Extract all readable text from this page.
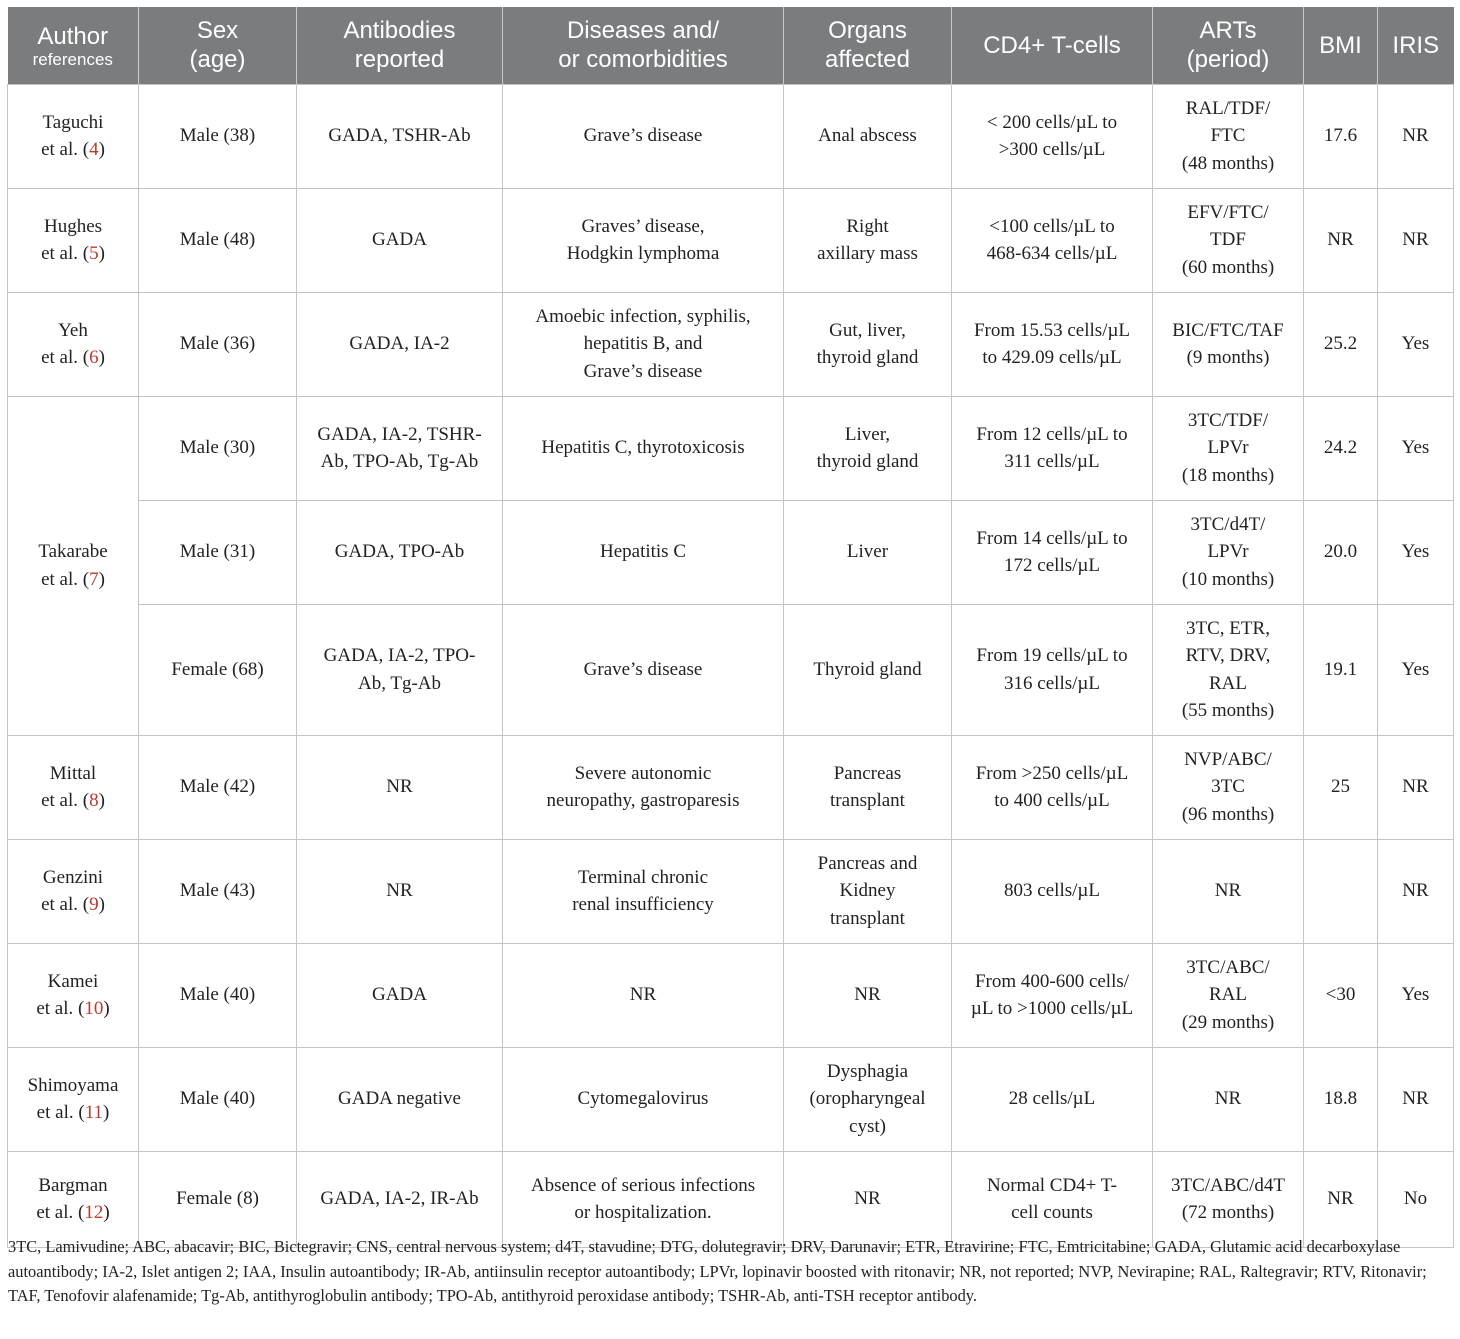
Author
references	Sex
(age)	Antibodies
reported	Diseases and/
or comorbidities	Organs
affected	CD4+ T-cells	ARTs
(period)	BMI	IRIS

Taguchi
et al. (4)	Male (38)	GADA, TSHR-Ab	Grave’s disease	Anal abscess	< 200 cells/µL to
>300 cells/µL	RAL/TDF/
FTC
(48 months)	17.6	NR

Hughes
et al. (5)	Male (48)	GADA	Graves’ disease,
Hodgkin lymphoma	Right
axillary mass	<100 cells/µL to
468-634 cells/µL	EFV/FTC/
TDF
(60 months)	NR	NR

Yeh
et al. (6)	Male (36)	GADA, IA-2	Amoebic infection, syphilis,
hepatitis B, and
Grave’s disease	Gut, liver,
thyroid gland	From 15.53 cells/µL
to 429.09 cells/µL	BIC/FTC/TAF
(9 months)	25.2	Yes

Takarabe
et al. (7)	Male (30)	GADA, IA-2, TSHR-
Ab, TPO-Ab, Tg-Ab	Hepatitis C, thyrotoxicosis	Liver,
thyroid gland	From 12 cells/µL to
311 cells/µL	3TC/TDF/
LPVr
(18 months)	24.2	Yes

	Male (31)	GADA, TPO-Ab	Hepatitis C	Liver	From 14 cells/µL to
172 cells/µL	3TC/d4T/
LPVr
(10 months)	20.0	Yes

	Female (68)	GADA, IA-2, TPO-
Ab, Tg-Ab	Grave’s disease	Thyroid gland	From 19 cells/µL to
316 cells/µL	3TC, ETR,
RTV, DRV,
RAL
(55 months)	19.1	Yes

Mittal
et al. (8)	Male (42)	NR	Severe autonomic
neuropathy, gastroparesis	Pancreas
transplant	From >250 cells/µL
to 400 cells/µL	NVP/ABC/
3TC
(96 months)	25	NR

Genzini
et al. (9)	Male (43)	NR	Terminal chronic
renal insufficiency	Pancreas and
Kidney
transplant	803 cells/µL	NR		NR

Kamei
et al. (10)	Male (40)	GADA	NR	NR	From 400-600 cells/
µL to >1000 cells/µL	3TC/ABC/
RAL
(29 months)	<30	Yes

Shimoyama
et al. (11)	Male (40)	GADA negative	Cytomegalovirus	Dysphagia
(oropharyngeal
cyst)	28 cells/µL	NR	18.8	NR

Bargman
et al. (12)	Female (8)	GADA, IA-2, IR-Ab	Absence of serious infections
or hospitalization.	NR	Normal CD4+ T-
cell counts	3TC/ABC/d4T
(72 months)	NR	No
3TC, Lamivudine; ABC, abacavir; BIC, Bictegravir; CNS, central nervous system; d4T, stavudine; DTG, dolutegravir; DRV, Darunavir; ETR, Etravirine; FTC, Emtricitabine; GADA, Glutamic acid decarboxylase autoantibody; IA-2, Islet antigen 2; IAA, Insulin autoantibody; IR-Ab, antiinsulin receptor autoantibody; LPVr, lopinavir boosted with ritonavir; NR, not reported; NVP, Nevirapine; RAL, Raltegravir; RTV, Ritonavir; TAF, Tenofovir alafenamide; Tg-Ab, antithyroglobulin antibody; TPO-Ab, antithyroid peroxidase antibody; TSHR-Ab, anti-TSH receptor antibody.
